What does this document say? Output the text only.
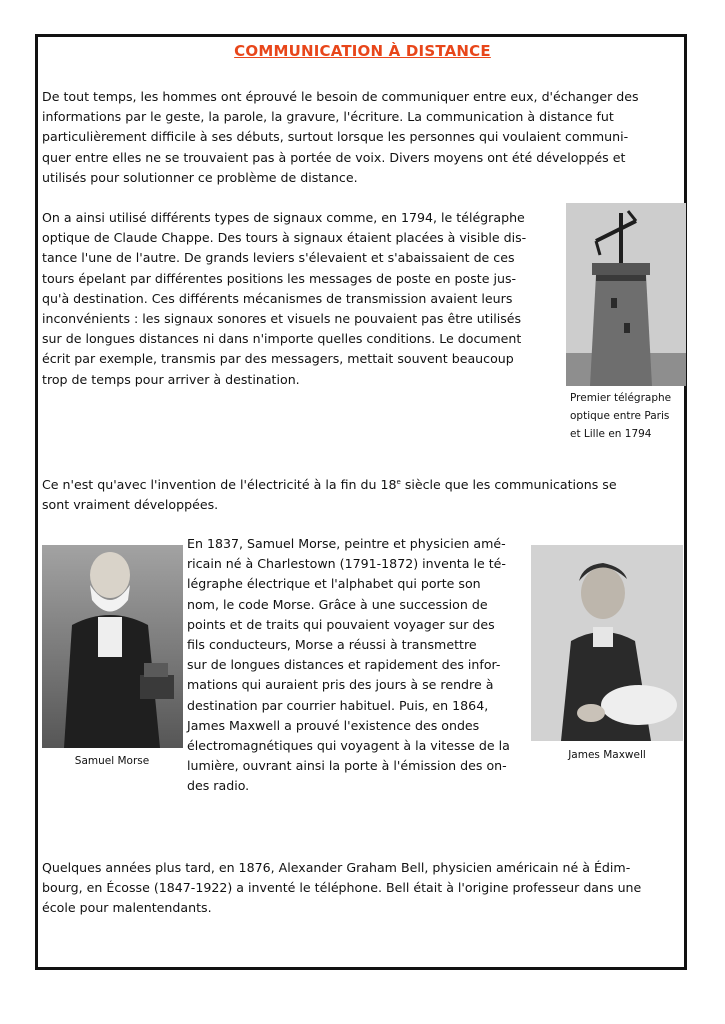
COMMUNICATION À DISTANCE

De tout temps, les hommes ont éprouvé le besoin de communiquer entre eux, d'échanger des
informations par le geste, la parole, la gravure, l'écriture. La communication à distance fut
particulièrement difficile à ses débuts, surtout lorsque les personnes qui voulaient communi-
quer entre elles ne se trouvaient pas à portée de voix. Divers moyens ont été développés et
utilisés pour solutionner ce problème de distance.

On a ainsi utilisé différents types de signaux comme, en 1794, le télégraphe
optique de Claude Chappe. Des tours à signaux étaient placées à visible dis-
tance l'une de l'autre. De grands leviers s'élevaient et s'abaissaient de ces
tours épelant par différentes positions les messages de poste en poste jus-
qu'à destination. Ces différents mécanismes de transmission avaient leurs
inconvénients : les signaux sonores et visuels ne pouvaient pas être utilisés
sur de longues distances ni dans n'importe quelles conditions. Le document
écrit par exemple, transmis par des messagers, mettait souvent beaucoup
trop de temps pour arriver à destination.

Premier télégraphe
optique entre Paris
et Lille en 1794

Ce n'est qu'avec l'invention de l'électricité à la fin du 18e siècle que les communications se
sont vraiment développées.

Samuel Morse

En 1837, Samuel Morse, peintre et physicien amé-
ricain né à Charlestown (1791-1872) inventa le té-
légraphe électrique et l'alphabet qui porte son
nom, le code Morse. Grâce à une succession de
points et de traits qui pouvaient voyager sur des
fils conducteurs, Morse a réussi à transmettre
sur de longues distances et rapidement des infor-
mations qui auraient pris des jours à se rendre à
destination par courrier habituel. Puis, en 1864,
James Maxwell a prouvé l'existence des ondes
électromagnétiques qui voyagent à la vitesse de la
lumière, ouvrant ainsi la porte à l'émission des on-
des radio.

James Maxwell

Quelques années plus tard, en 1876, Alexander Graham Bell, physicien américain né à Édim-
bourg, en Écosse (1847-1922) a inventé le téléphone. Bell était à l'origine professeur dans une
école pour malentendants.
